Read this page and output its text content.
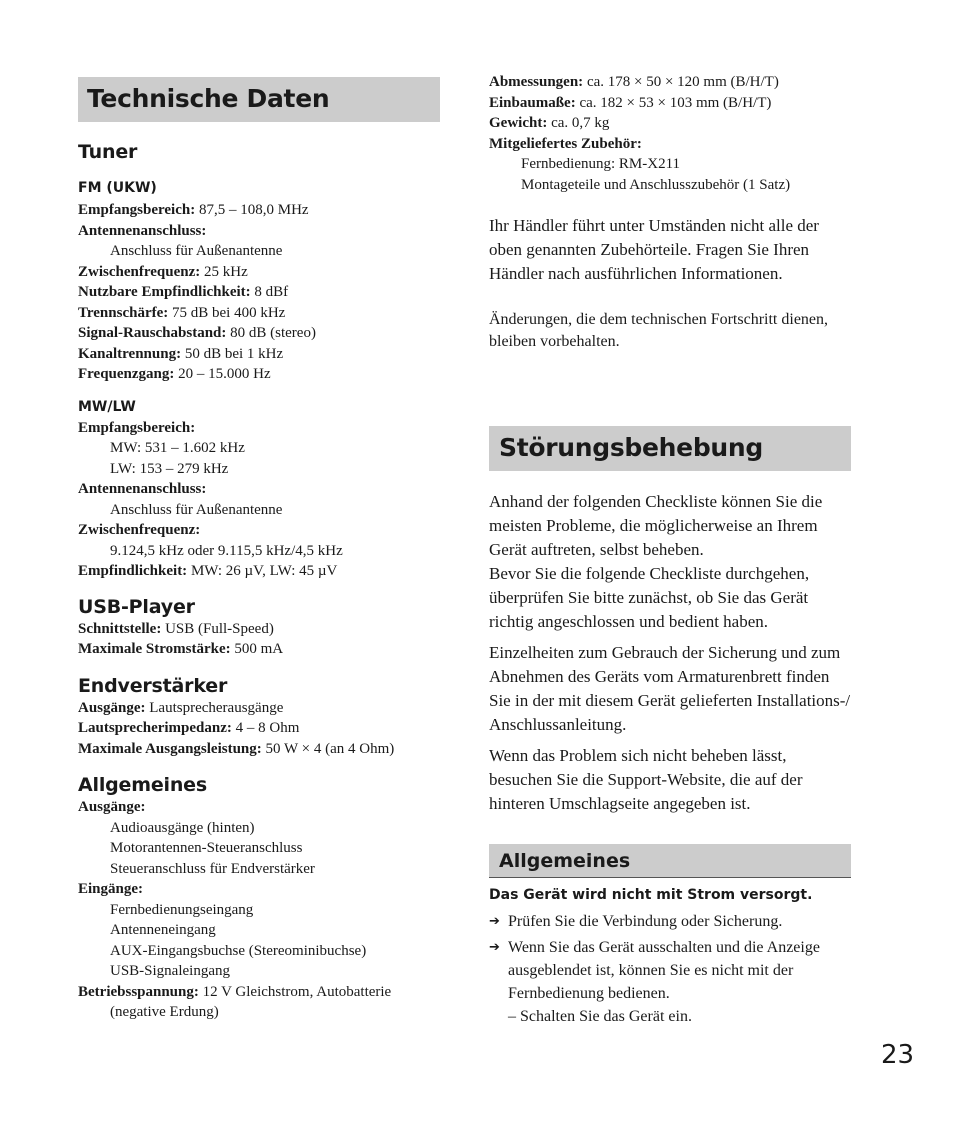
Technische Daten
Tuner
FM (UKW)
Empfangsbereich: 87,5 – 108,0 MHz
Antennenanschluss:
Anschluss für Außenantenne
Zwischenfrequenz: 25 kHz
Nutzbare Empfindlichkeit: 8 dBf
Trennschärfe: 75 dB bei 400 kHz
Signal-Rauschabstand: 80 dB (stereo)
Kanaltrennung: 50 dB bei 1 kHz
Frequenzgang: 20 – 15.000 Hz
MW/LW
Empfangsbereich:
MW: 531 – 1.602 kHz
LW: 153 – 279 kHz
Antennenanschluss:
Anschluss für Außenantenne
Zwischenfrequenz:
9.124,5 kHz oder 9.115,5 kHz/4,5 kHz
Empfindlichkeit: MW: 26 µV, LW: 45 µV
USB-Player
Schnittstelle: USB (Full-Speed)
Maximale Stromstärke: 500 mA
Endverstärker
Ausgänge: Lautsprecherausgänge
Lautsprecherimpedanz: 4 – 8 Ohm
Maximale Ausgangsleistung: 50 W × 4 (an 4 Ohm)
Allgemeines
Ausgänge:
Audioausgänge (hinten)
Motorantennen-Steueranschluss
Steueranschluss für Endverstärker
Eingänge:
Fernbedienungseingang
Antenneneingang
AUX-Eingangsbuchse (Stereominibuchse)
USB-Signaleingang
Betriebsspannung: 12 V Gleichstrom, Autobatterie
(negative Erdung)
Abmessungen: ca. 178 × 50 × 120 mm (B/H/T)
Einbaumaße: ca. 182 × 53 × 103 mm (B/H/T)
Gewicht: ca. 0,7 kg
Mitgeliefertes Zubehör:
Fernbedienung: RM-X211
Montageteile und Anschlusszubehör (1 Satz)
Ihr Händler führt unter Umständen nicht alle der oben genannten Zubehörteile. Fragen Sie Ihren Händler nach ausführlichen Informationen.
Änderungen, die dem technischen Fortschritt dienen, bleiben vorbehalten.
Störungsbehebung
Anhand der folgenden Checkliste können Sie die meisten Probleme, die möglicherweise an Ihrem Gerät auftreten, selbst beheben.
Bevor Sie die folgende Checkliste durchgehen, überprüfen Sie bitte zunächst, ob Sie das Gerät richtig angeschlossen und bedient haben.
Einzelheiten zum Gebrauch der Sicherung und zum Abnehmen des Geräts vom Armaturenbrett finden Sie in der mit diesem Gerät gelieferten Installations-/ Anschlussanleitung.
Wenn das Problem sich nicht beheben lässt, besuchen Sie die Support-Website, die auf der hinteren Umschlagseite angegeben ist.
Allgemeines
Das Gerät wird nicht mit Strom versorgt.
➔ Prüfen Sie die Verbindung oder Sicherung.
➔ Wenn Sie das Gerät ausschalten und die Anzeige ausgeblendet ist, können Sie es nicht mit der Fernbedienung bedienen.
– Schalten Sie das Gerät ein.
23
